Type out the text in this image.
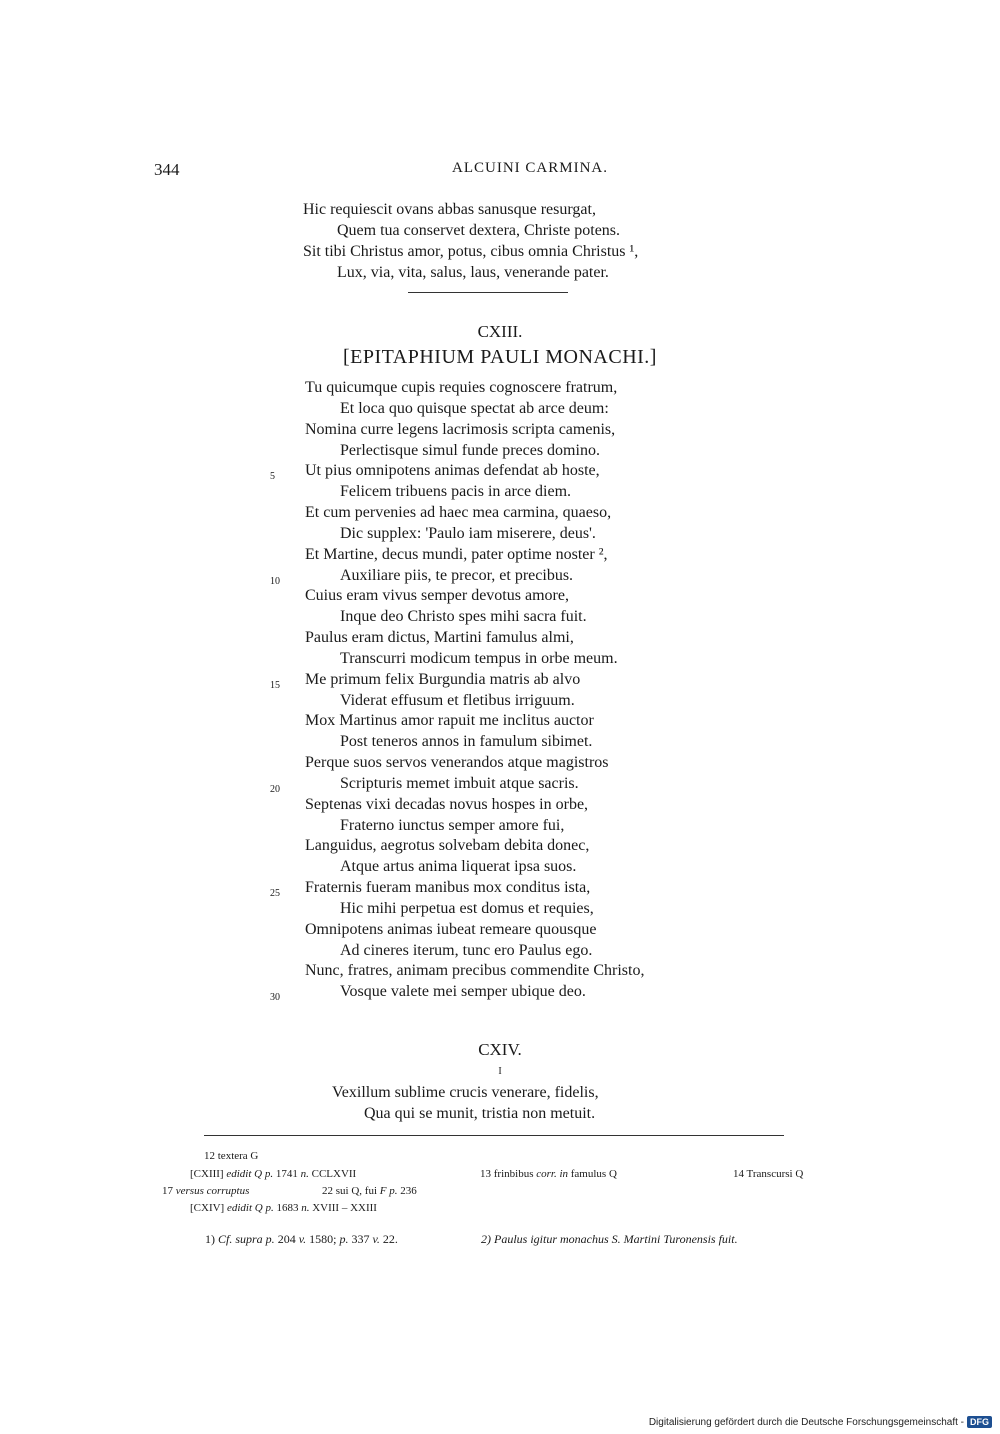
344	ALCUINI CARMINA.
Hic requiescit ovans abbas sanusque resurgat,
Quem tua conservet dextera, Christe potens.
Sit tibi Christus amor, potus, cibus omnia Christus ¹,
Lux, via, vita, salus, laus, venerande pater.
CXIII.
[EPITAPHIUM PAULI MONACHI.]
Tu quicumque cupis requies cognoscere fratrum,
Et loca quo quisque spectat ab arce deum:
Nomina curre legens lacrimosis scripta camenis,
Perlectisque simul funde preces domino.
Ut pius omnipotens animas defendat ab hoste,
Felicem tribuens pacis in arce diem.
Et cum pervenies ad haec mea carmina, quaeso,
Dic supplex: 'Paulo iam miserere, deus'.
Et Martine, decus mundi, pater optime noster ²,
Auxiliare piis, te precor, et precibus.
Cuius eram vivus semper devotus amore,
Inque deo Christo spes mihi sacra fuit.
Paulus eram dictus, Martini famulus almi,
Transcurri modicum tempus in orbe meum.
Me primum felix Burgundia matris ab alvo
Viderat effusum et fletibus irriguum.
Mox Martinus amor rapuit me inclitus auctor
Post teneros annos in famulum sibimet.
Perque suos servos venerandos atque magistros
Scripturis memet imbuit atque sacris.
Septenas vixi decadas novus hospes in orbe,
Fraterno iunctus semper amore fui,
Languidus, aegrotus solvebam debita donec,
Atque artus anima liquerat ipsa suos.
Fraternis fueram manibus mox conditus ista,
Hic mihi perpetua est domus et requies,
Omnipotens animas iubeat remeare quousque
Ad cineres iterum, tunc ero Paulus ego.
Nunc, fratres, animam precibus commendite Christo,
Vosque valete mei semper ubique deo.
5
10
15
20
25
30
CXIV.
I
Vexillum sublime crucis venerare, fidelis,
Qua qui se munit, tristia non metuit.
12 textera G
[CXIII] edidit Q p. 1741 n. CCLXVII	13 frinbibus corr. in famulus Q	14 Transcursi Q
17 versus corruptus	22 sui Q, fui F p. 236
[CXIV] edidit Q p. 1683 n. XVIII – XXIII
1) Cf. supra p. 204 v. 1580; p. 337 v. 22.	2) Paulus igitur monachus S. Martini Turonensis fuit.
Digitalisierung gefördert durch die Deutsche Forschungsgemeinschaft - DFG
